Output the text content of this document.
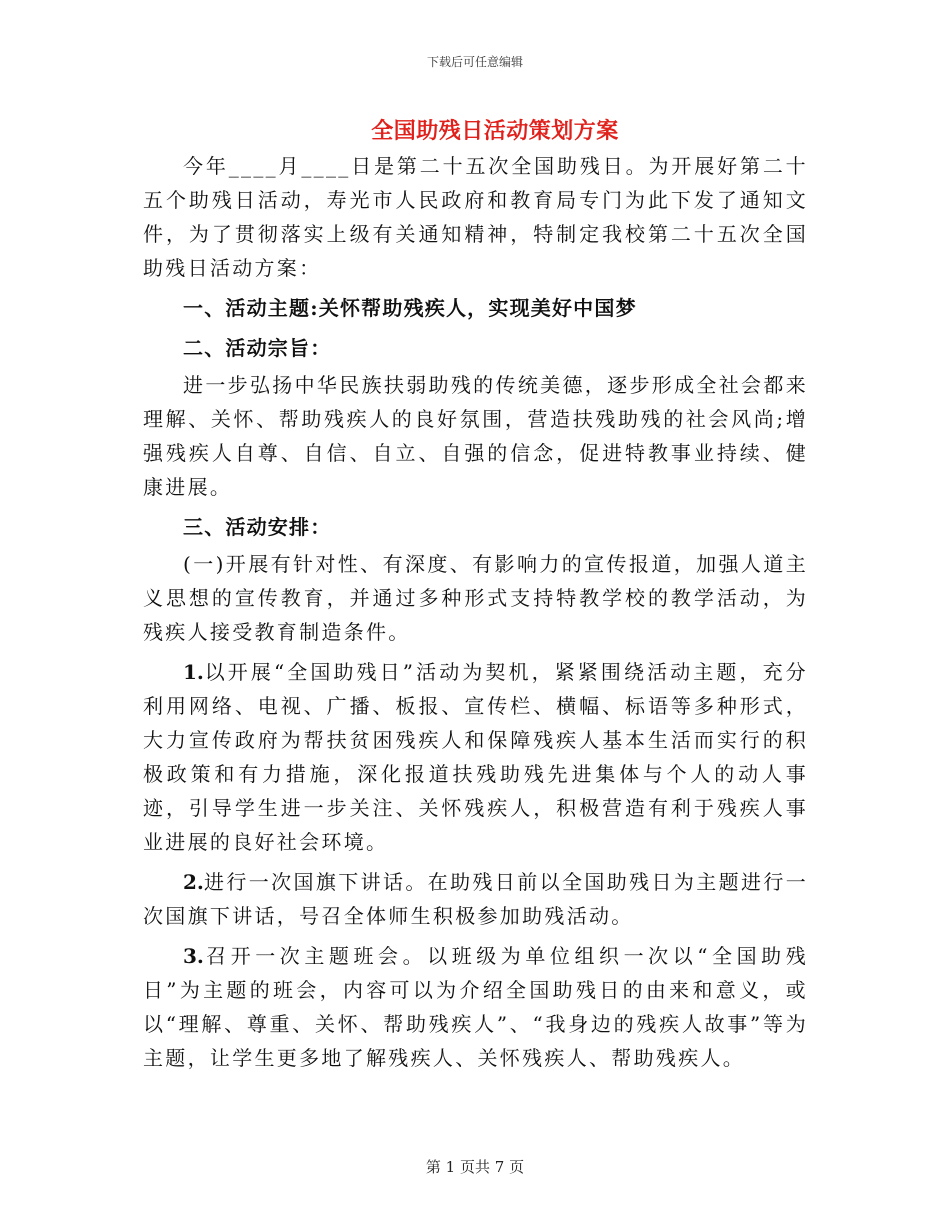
下载后可任意编辑
全国助残日活动策划方案

今年____月____日是第二十五次全国助残日。为开展好第二十五个助残日活动，寿光市人民政府和教育局专门为此下发了通知文件，为了贯彻落实上级有关通知精神，特制定我校第二十五次全国助残日活动方案：

一、活动主题:关怀帮助残疾人，实现美好中国梦

二、活动宗旨：

进一步弘扬中华民族扶弱助残的传统美德，逐步形成全社会都来理解、关怀、帮助残疾人的良好氛围，营造扶残助残的社会风尚;增强残疾人自尊、自信、自立、自强的信念，促进特教事业持续、健康进展。

三、活动安排：

(一)开展有针对性、有深度、有影响力的宣传报道，加强人道主义思想的宣传教育，并通过多种形式支持特教学校的教学活动，为残疾人接受教育制造条件。

1.以开展“全国助残日”活动为契机，紧紧围绕活动主题，充分利用网络、电视、广播、板报、宣传栏、横幅、标语等多种形式，大力宣传政府为帮扶贫困残疾人和保障残疾人基本生活而实行的积极政策和有力措施，深化报道扶残助残先进集体与个人的动人事迹，引导学生进一步关注、关怀残疾人，积极营造有利于残疾人事业进展的良好社会环境。

2.进行一次国旗下讲话。在助残日前以全国助残日为主题进行一次国旗下讲话，号召全体师生积极参加助残活动。

3.召开一次主题班会。以班级为单位组织一次以“全国助残日”为主题的班会，内容可以为介绍全国助残日的由来和意义，或以“理解、尊重、关怀、帮助残疾人”、“我身边的残疾人故事”等为主题，让学生更多地了解残疾人、关怀残疾人、帮助残疾人。

第 1 页共 7 页
